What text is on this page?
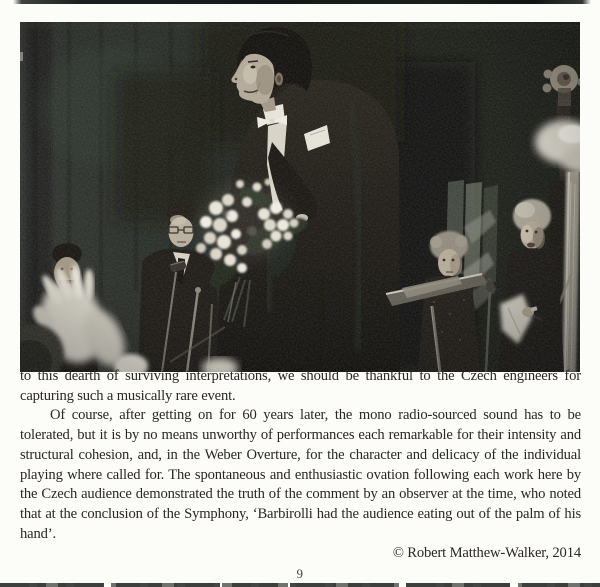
to this dearth of surviving interpretations, we should be thankful to the Czech engineers for capturing such a musically rare event.

Of course, after getting on for 60 years later, the mono radio-sourced sound has to be tolerated, but it is by no means unworthy of performances each remarkable for their intensity and structural cohesion, and, in the Weber Overture, for the character and delicacy of the individual playing where called for. The spontaneous and enthusiastic ovation following each work here by the Czech audience demonstrated the truth of the comment by an observer at the time, who noted that at the conclusion of the Symphony, ‘Barbirolli had the audience eating out of the palm of his hand’.

© Robert Matthew-Walker, 2014

9
